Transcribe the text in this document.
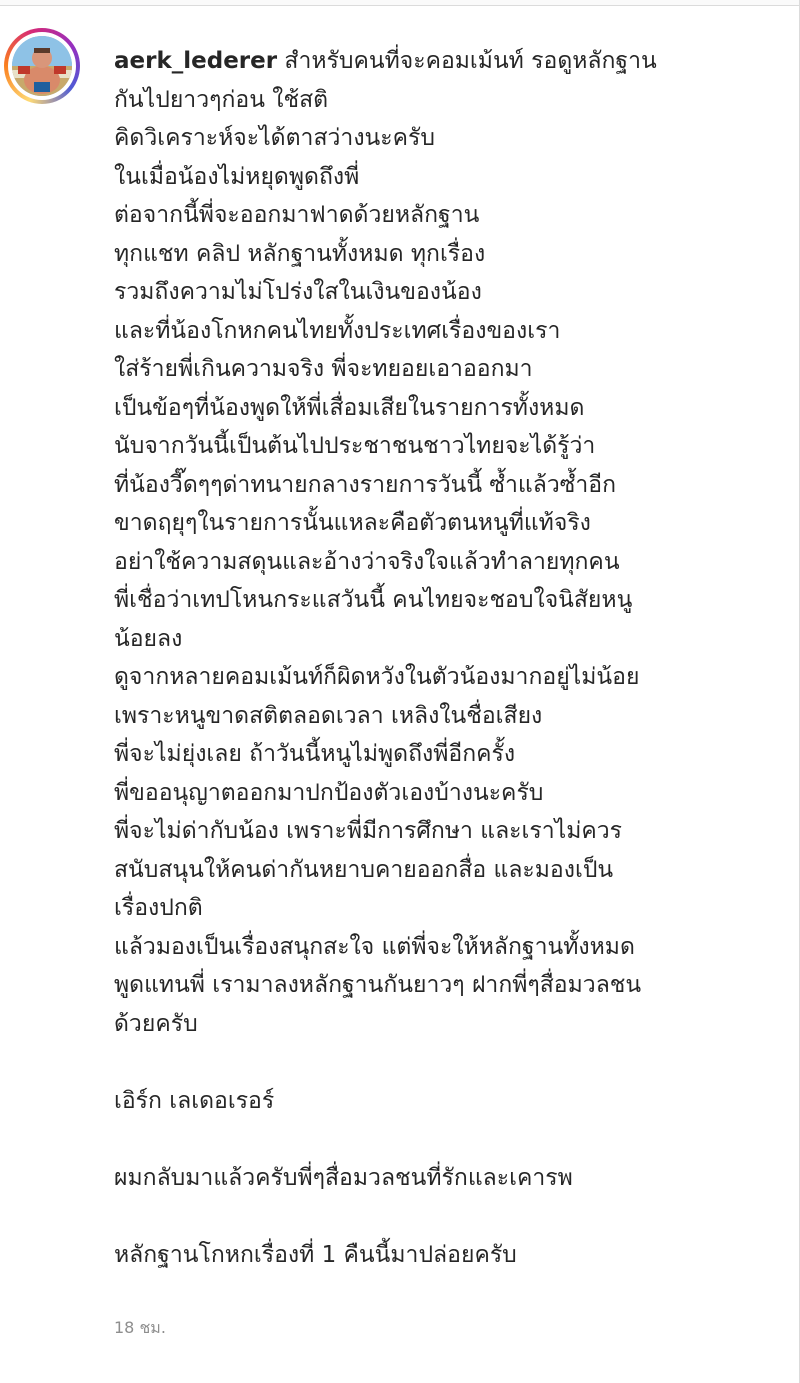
aerk_lederer สำหรับคนที่จะคอมเม้นท์ รอดูหลักฐาน
กันไปยาวๆก่อน ใช้สติ
คิดวิเคราะห์จะได้ตาสว่างนะครับ
ในเมื่อน้องไม่หยุดพูดถึงพี่
ต่อจากนี้พี่จะออกมาฟาดด้วยหลักฐาน
ทุกแชท คลิป หลักฐานทั้งหมด ทุกเรื่อง
รวมถึงความไม่โปร่งใสในเงินของน้อง
และที่น้องโกหกคนไทยทั้งประเทศเรื่องของเรา
ใส่ร้ายพี่เกินความจริง พี่จะทยอยเอาออกมา
เป็นข้อๆที่น้องพูดให้พี่เสื่อมเสียในรายการทั้งหมด
นับจากวันนี้เป็นต้นไปประชาชนชาวไทยจะได้รู้ว่า
ที่น้องวี๊ดๆๆด่าทนายกลางรายการวันนี้ ซ้ำแล้วซ้ำอีก
ขาดฤยุๆในรายการนั้นแหละคือตัวตนหนูที่แท้จริง
อย่าใช้ความสดุนและอ้างว่าจริงใจแล้วทำลายทุกคน
พี่เชื่อว่าเทปโหนกระแสวันนี้ คนไทยจะชอบใจนิสัยหนู
น้อยลง
ดูจากหลายคอมเม้นท์ก็ผิดหวังในตัวน้องมากอยู่ไม่น้อย
เพราะหนูขาดสติตลอดเวลา เหลิงในชื่อเสียง
พี่จะไม่ยุ่งเลย ถ้าวันนี้หนูไม่พูดถึงพี่อีกครั้ง
พี่ขออนุญาตออกมาปกป้องตัวเองบ้างนะครับ
พี่จะไม่ด่ากับน้อง เพราะพี่มีการศึกษา และเราไม่ควร
สนับสนุนให้คนด่ากันหยาบคายออกสื่อ และมองเป็น
เรื่องปกติ
แล้วมองเป็นเรื่องสนุกสะใจ แต่พี่จะให้หลักฐานทั้งหมด
พูดแทนพี่ เรามาลงหลักฐานกันยาวๆ ฝากพี่ๆสื่อมวลชน
ด้วยครับ
เอิร์ก เลเดอเรอร์
ผมกลับมาแล้วครับพี่ๆสื่อมวลชนที่รักและเคารพ
หลักฐานโกหกเรื่องที่ 1 คืนนี้มาปล่อยครับ
18 ชม.
